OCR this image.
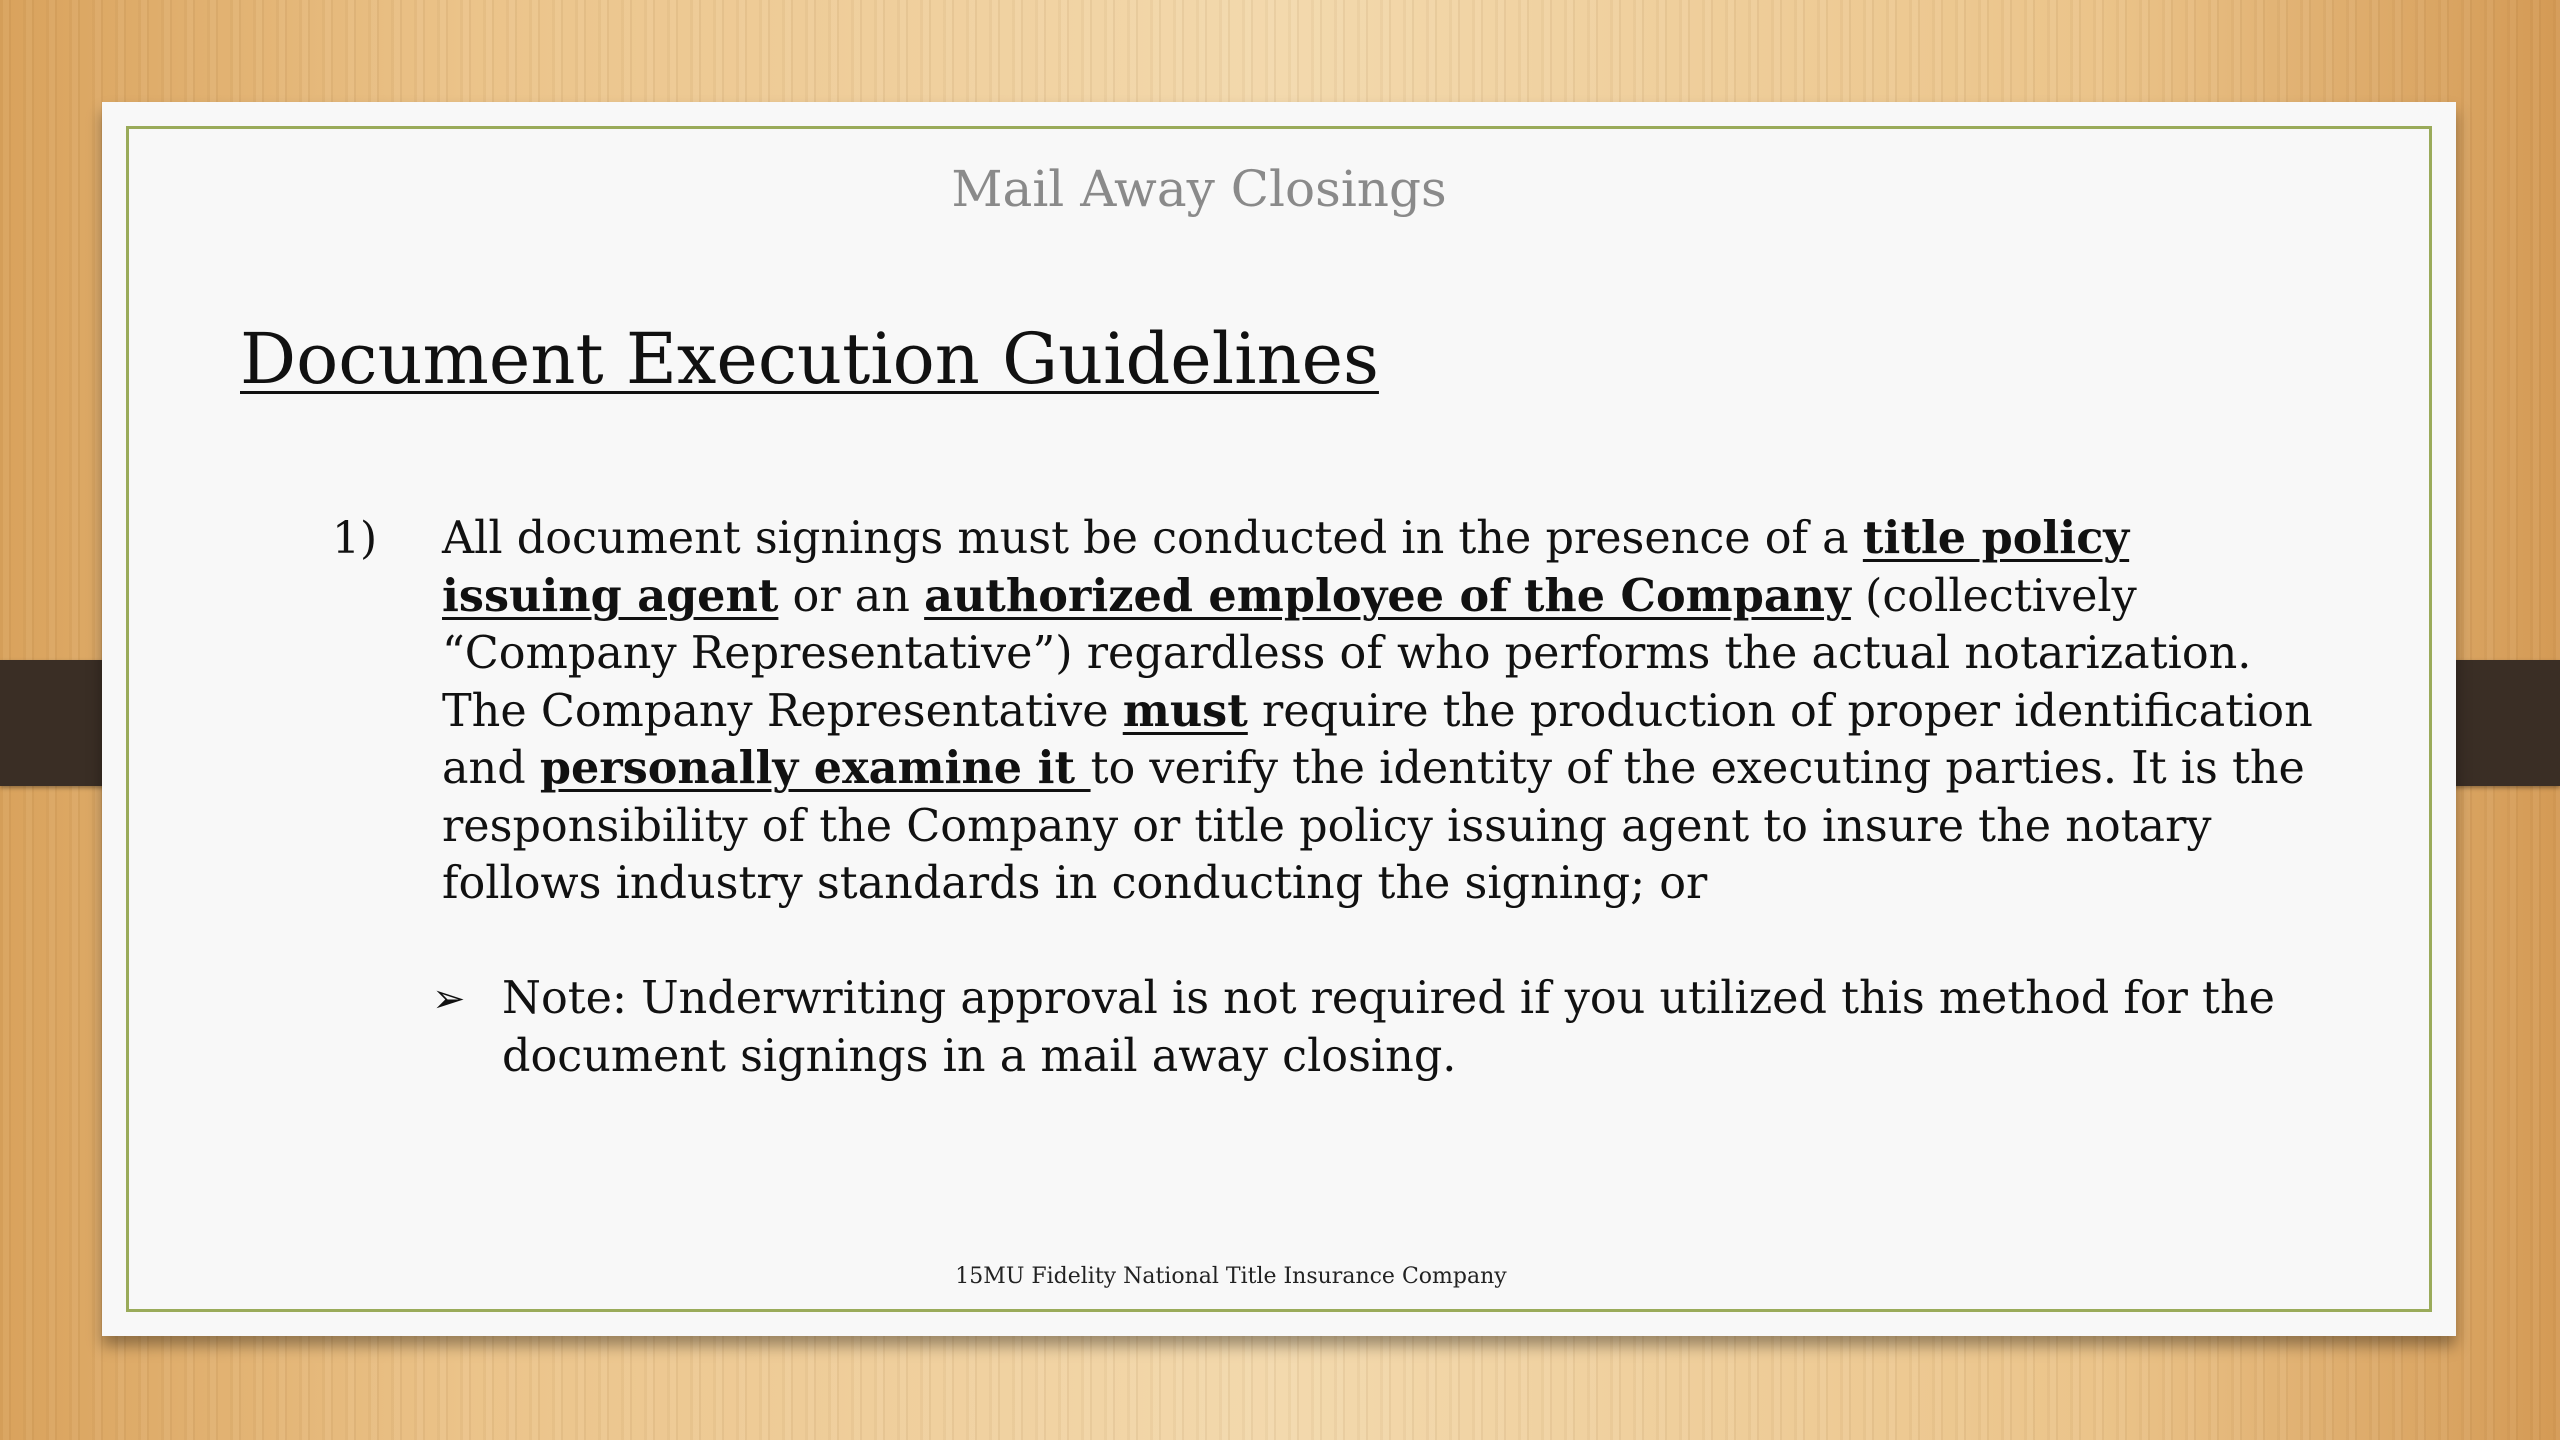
Mail Away Closings
Document Execution Guidelines
1) All document signings must be conducted in the presence of a title policy issuing agent or an authorized employee of the Company (collectively “Company Representative”) regardless of who performs the actual notarization. The Company Representative must require the production of proper identification and personally examine it to verify the identity of the executing parties. It is the responsibility of the Company or title policy issuing agent to insure the notary follows industry standards in conducting the signing; or
➢ Note: Underwriting approval is not required if you utilized this method for the document signings in a mail away closing.
15MU Fidelity National Title Insurance Company
